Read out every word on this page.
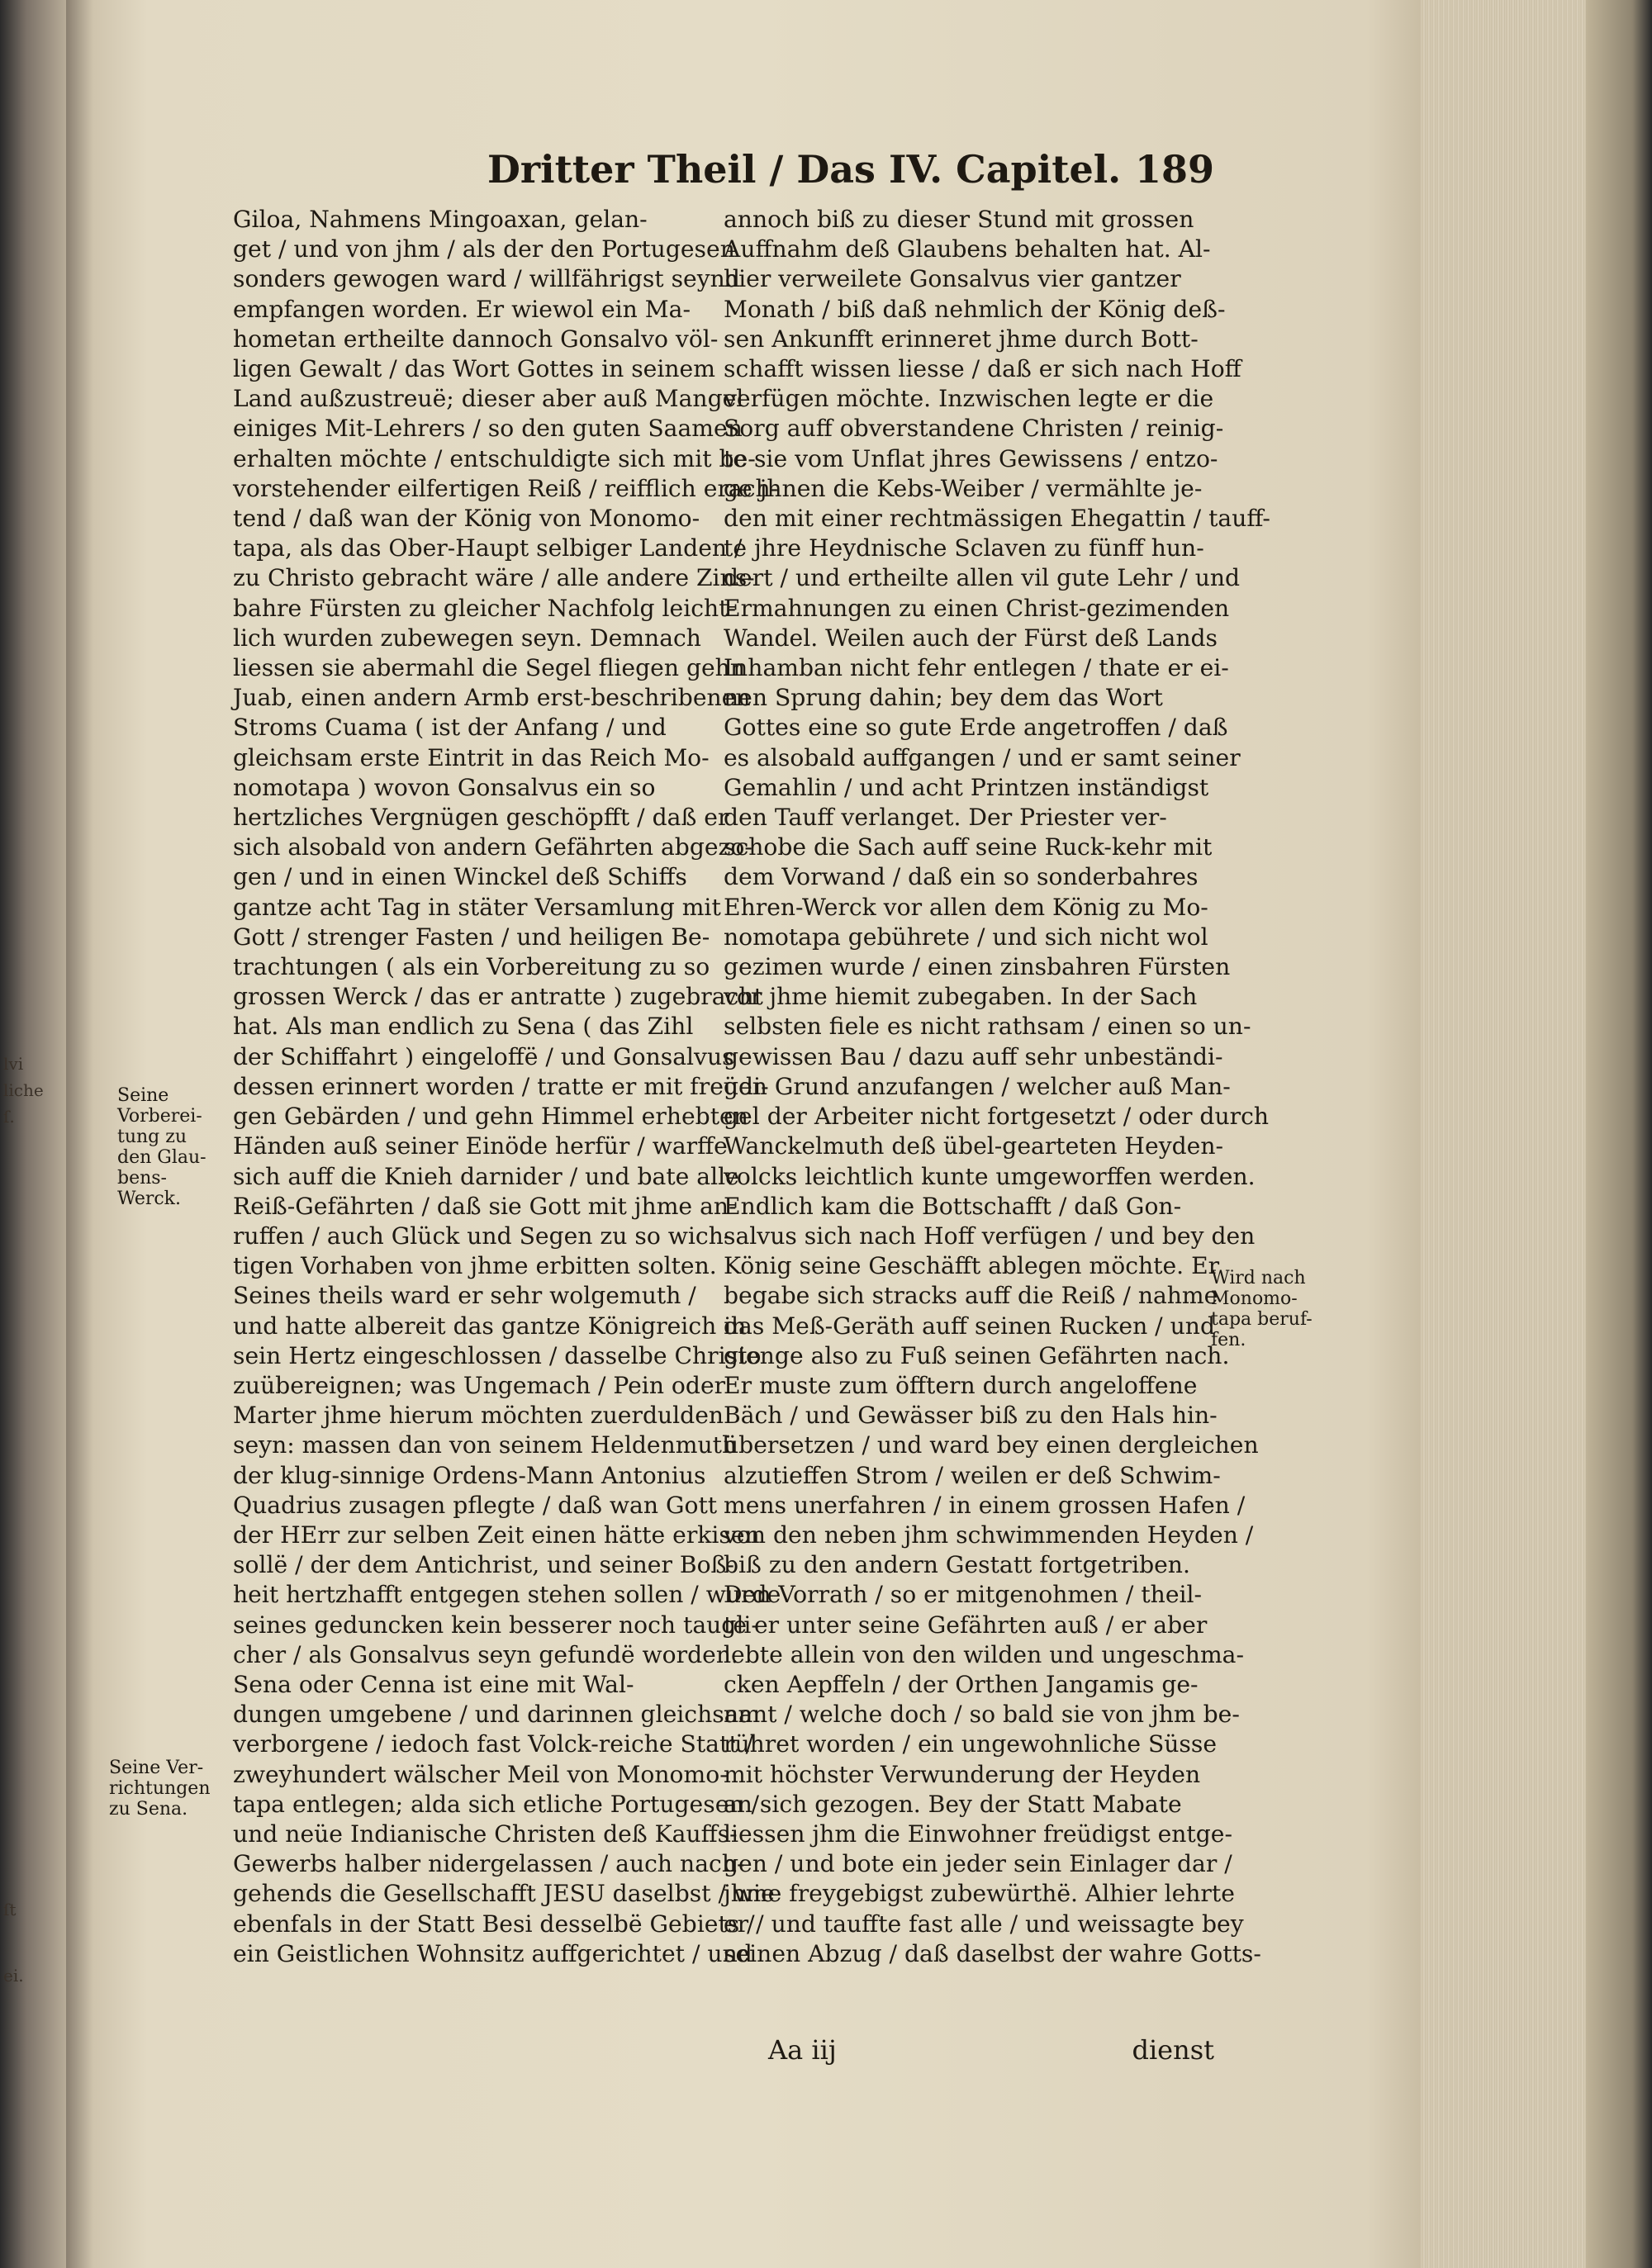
lvi
liche
ſ.
ſt
ei.
Dritter Theil / Das IV. Capitel. 189
Giloa, Nahmens Mingoaxan, gelan-
get / und von jhm / als der den Portugesen
sonders gewogen ward / willfährigst seynd
empfangen worden. Er wiewol ein Ma-
hometan ertheilte dannoch Gonsalvo völ-
ligen Gewalt / das Wort Gottes in seinem
Land außzustreuë; dieser aber auß Mangel
einiges Mit-Lehrers / so den guten Saamen
erhalten möchte / entschuldigte sich mit be-
vorstehender eilfertigen Reiß / reifflich erach-
tend / daß wan der König von Monomo-
tapa, als das Ober-Haupt selbiger Landen /
zu Christo gebracht wäre / alle andere Zins-
bahre Fürsten zu gleicher Nachfolg leicht-
lich wurden zubewegen seyn. Demnach
liessen sie abermahl die Segel fliegen gehn
Juab, einen andern Armb erst-beschribenen
Stroms Cuama ( ist der Anfang / und
gleichsam erste Eintrit in das Reich Mo-
nomotapa ) wovon Gonsalvus ein so
hertzliches Vergnügen geschöpfft / daß er
sich alsobald von andern Gefährten abgezo-
gen / und in einen Winckel deß Schiffs
gantze acht Tag in stäter Versamlung mit
Gott / strenger Fasten / und heiligen Be-
trachtungen ( als ein Vorbereitung zu so
grossen Werck / das er antratte ) zugebracht
hat. Als man endlich zu Sena ( das Zihl
der Schiffahrt ) eingeloffë / und Gonsalvus
dessen erinnert worden / tratte er mit freüdi-
gen Gebärden / und gehn Himmel erhebten
Händen auß seiner Einöde herfür / warffe
sich auff die Knieh darnider / und bate alle
Reiß-Gefährten / daß sie Gott mit jhme an-
ruffen / auch Glück und Segen zu so wich-
tigen Vorhaben von jhme erbitten solten.
Seines theils ward er sehr wolgemuth /
und hatte albereit das gantze Königreich in
sein Hertz eingeschlossen / dasselbe Christo
zuübereignen; was Ungemach / Pein oder
Marter jhme hierum möchten zuerdulden
seyn: massen dan von seinem Heldenmuth
der klug-sinnige Ordens-Mann Antonius
Quadrius zusagen pflegte / daß wan Gott
der HErr zur selben Zeit einen hätte erkisen
sollë / der dem Antichrist, und seiner Boß-
heit hertzhafft entgegen stehen sollen / wurde
seines geduncken kein besserer noch taugli-
cher / als Gonsalvus seyn gefundë worden.
Sena oder Cenna ist eine mit Wal-
dungen umgebene / und darinnen gleichsam
verborgene / iedoch fast Volck-reiche Statt /
zweyhundert wälscher Meil von Monomo-
tapa entlegen; alda sich etliche Portugesen /
und neüe Indianische Christen deß Kauffs-
Gewerbs halber nidergelassen / auch nach-
gehends die Gesellschafft JESU daselbst / wie
ebenfals in der Statt Besi desselbë Gebiets /
ein Geistlichen Wohnsitz auffgerichtet / und
annoch biß zu dieser Stund mit grossen
Auffnahm deß Glaubens behalten hat. Al-
hier verweilete Gonsalvus vier gantzer
Monath / biß daß nehmlich der König deß-
sen Ankunfft erinneret jhme durch Bott-
schafft wissen liesse / daß er sich nach Hoff
verfügen möchte. Inzwischen legte er die
Sorg auff obverstandene Christen / reinig-
te sie vom Unflat jhres Gewissens / entzo-
ge jhnen die Kebs-Weiber / vermählte je-
den mit einer rechtmässigen Ehegattin / tauff-
te jhre Heydnische Sclaven zu fünff hun-
dert / und ertheilte allen vil gute Lehr / und
Ermahnungen zu einen Christ-gezimenden
Wandel. Weilen auch der Fürst deß Lands
Inhamban nicht fehr entlegen / thate er ei-
nen Sprung dahin; bey dem das Wort
Gottes eine so gute Erde angetroffen / daß
es alsobald auffgangen / und er samt seiner
Gemahlin / und acht Printzen inständigst
den Tauff verlanget. Der Priester ver-
schobe die Sach auff seine Ruck-kehr mit
dem Vorwand / daß ein so sonderbahres
Ehren-Werck vor allen dem König zu Mo-
nomotapa gebührete / und sich nicht wol
gezimen wurde / einen zinsbahren Fürsten
vor jhme hiemit zubegaben. In der Sach
selbsten fiele es nicht rathsam / einen so un-
gewissen Bau / dazu auff sehr unbeständi-
gen Grund anzufangen / welcher auß Man-
gel der Arbeiter nicht fortgesetzt / oder durch
Wanckelmuth deß übel-gearteten Heyden-
volcks leichtlich kunte umgeworffen werden.
Endlich kam die Bottschafft / daß Gon-
salvus sich nach Hoff verfügen / und bey den
König seine Geschäfft ablegen möchte. Er
begabe sich stracks auff die Reiß / nahme
das Meß-Geräth auff seinen Rucken / und
gienge also zu Fuß seinen Gefährten nach.
Er muste zum öfftern durch angeloffene
Bäch / und Gewässer biß zu den Hals hin-
übersetzen / und ward bey einen dergleichen
alzutieffen Strom / weilen er deß Schwim-
mens unerfahren / in einem grossen Hafen /
von den neben jhm schwimmenden Heyden /
biß zu den andern Gestatt fortgetriben.
Den Vorrath / so er mitgenohmen / theil-
te er unter seine Gefährten auß / er aber
lebte allein von den wilden und ungeschma-
cken Aepffeln / der Orthen Jangamis ge-
nant / welche doch / so bald sie von jhm be-
rühret worden / ein ungewohnliche Süsse
mit höchster Verwunderung der Heyden
an sich gezogen. Bey der Statt Mabate
liessen jhm die Einwohner freüdigst entge-
gen / und bote ein jeder sein Einlager dar /
jhme freygebigst zubewürthë. Alhier lehrte
er / und tauffte fast alle / und weissagte bey
seinen Abzug / daß daselbst der wahre Gotts-
Seine
Vorberei-
tung zu
den Glau-
bens-
Werck.
Seine Ver-
richtungen
zu Sena.
Wird nach
Monomo-
tapa beruf-
fen.
Aa iij	dienst
